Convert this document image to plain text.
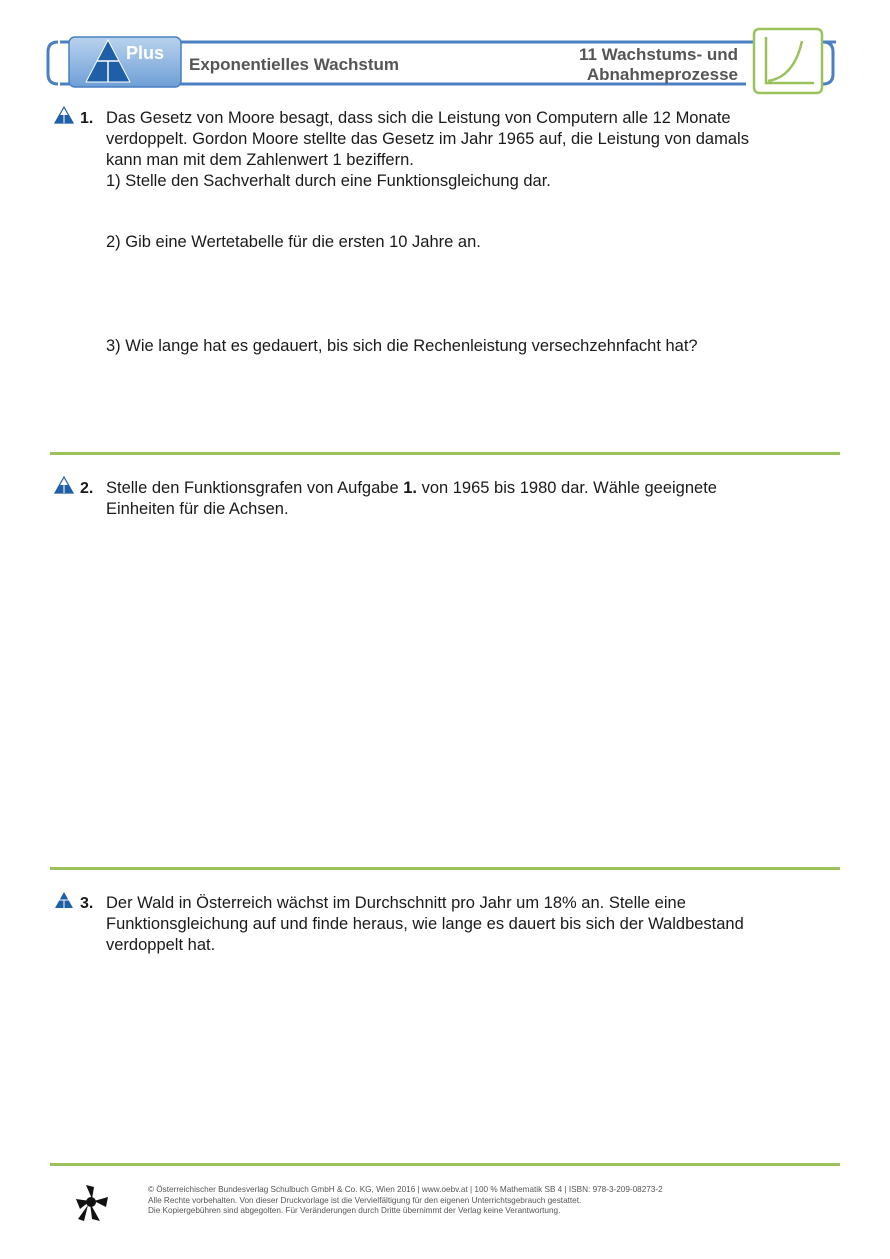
Plus
Exponentielles Wachstum
11 Wachstums- und
Abnahmeprozesse
1. Das Gesetz von Moore besagt, dass sich die Leistung von Computern alle 12 Monate

verdoppelt. Gordon Moore stellte das Gesetz im Jahr 1965 auf, die Leistung von damals

kann man mit dem Zahlenwert 1 beziffern.

1) Stelle den Sachverhalt durch eine Funktionsgleichung dar.

2) Gib eine Wertetabelle für die ersten 10 Jahre an.
3) Wie lange hat es gedauert, bis sich die Rechenleistung versechzehnfacht hat?
2. Stelle den Funktionsgrafen von Aufgabe 1. von 1965 bis 1980 dar. Wähle geeignete

Einheiten für die Achsen.

3. Der Wald in Österreich wächst im Durchschnitt pro Jahr um 18% an. Stelle eine

Funktionsgleichung auf und finde heraus, wie lange es dauert bis sich der Waldbestand

verdoppelt hat.

© Österreichischer Bundesverlag Schulbuch GmbH & Co. KG, Wien 2016 | www.oebv.at | 100 % Mathematik SB 4 | ISBN: 978-3-209-08273-2
Alle Rechte vorbehalten. Von dieser Druckvorlage ist die Vervielfältigung für den eigenen Unterrichtsgebrauch gestattet.
Die Kopiergebühren sind abgegolten. Für Veränderungen durch Dritte übernimmt der Verlag keine Verantwortung.
